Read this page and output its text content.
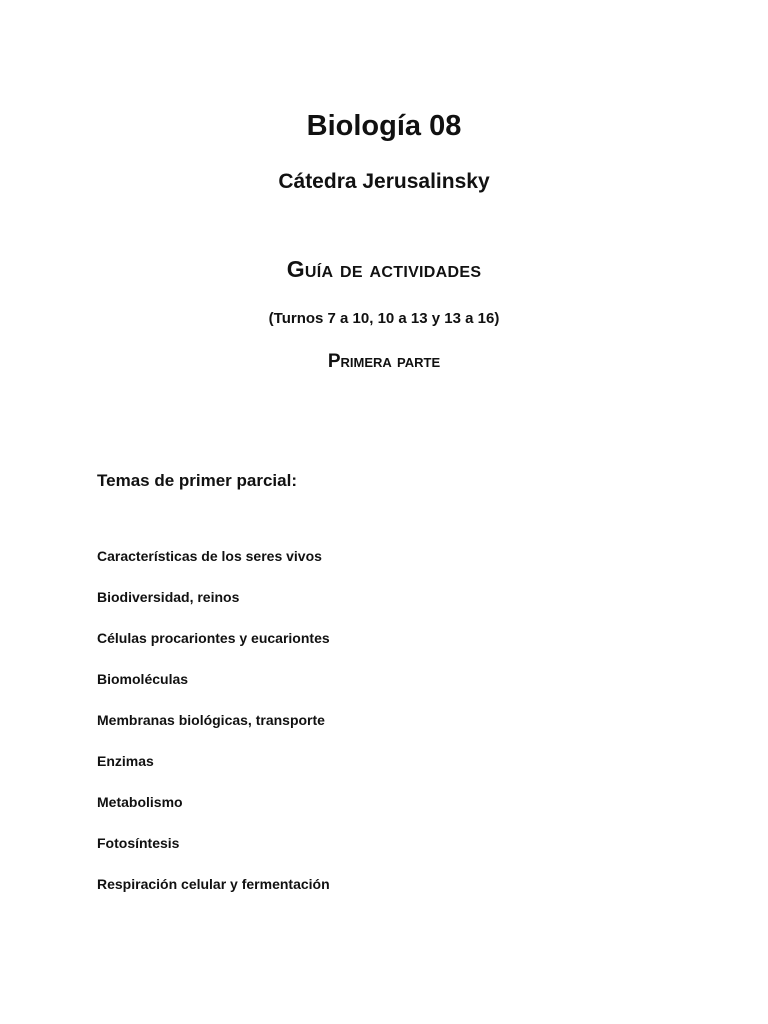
Biología 08
Cátedra Jerusalinsky
Guía de actividades
(Turnos 7 a 10, 10 a 13 y 13 a 16)
Primera parte
Temas de primer parcial:
Características de los seres vivos
Biodiversidad, reinos
Células procariontes y eucariontes
Biomoléculas
Membranas biológicas, transporte
Enzimas
Metabolismo
Fotosíntesis
Respiración celular y fermentación
